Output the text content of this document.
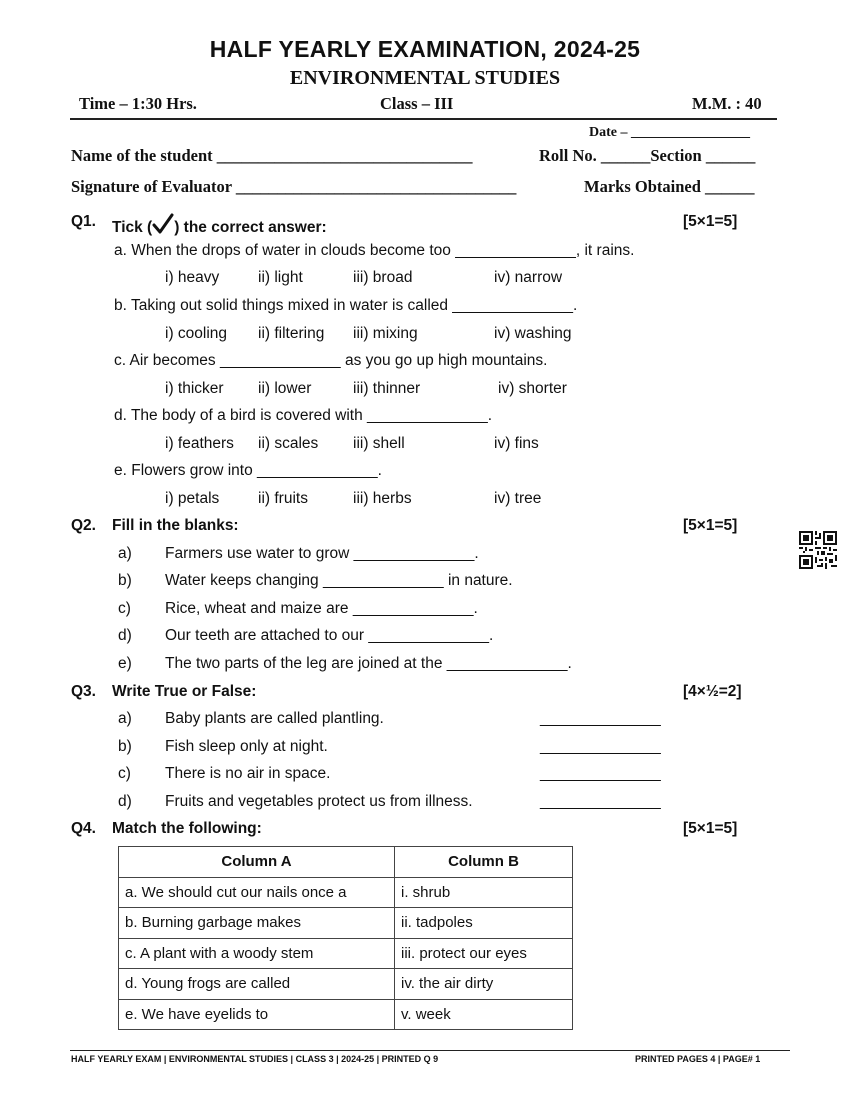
HALF YEARLY EXAMINATION, 2024-25
ENVIRONMENTAL STUDIES
Time – 1:30 Hrs.	Class – III	M.M. : 40
Date – _________________
Name of the student _______________________________	Roll No. ______Section ______
Signature of Evaluator __________________________________	Marks Obtained ______
Q1. Tick ( ) the correct answer:	[5×1=5]
a. When the drops of water in clouds become too ______________, it rains.
i) heavy ii) light	iii) broad	iv) narrow
b. Taking out solid things mixed in water is called ______________.
i) cooling ii) filtering iii) mixing	iv) washing
c. Air becomes ______________ as you go up high mountains.
i) thicker ii) lower	iii) thinner	iv) shorter
d. The body of a bird is covered with ______________.
i) feathers ii) scales iii) shell	iv) fins
e. Flowers grow into ______________.
i) petals ii) fruits	iii) herbs	iv) tree
Q2. Fill in the blanks:	[5×1=5]
a) Farmers use water to grow ______________.
b) Water keeps changing ______________ in nature.
c) Rice, wheat and maize are ______________.
d) Our teeth are attached to our ______________.
e) The two parts of the leg are joined at the ______________.
Q3. Write True or False:	[4×½=2]
a) Baby plants are called plantling.	______________
b) Fish sleep only at night.	______________
c) There is no air in space.	______________
d) Fruits and vegetables protect us from illness.	______________
Q4. Match the following:	[5×1=5]
Column A	Column B
a. We should cut our nails once a	i. shrub
b. Burning garbage makes	ii. tadpoles
c. A plant with a woody stem	iii. protect our eyes
d. Young frogs are called	iv. the air dirty
e. We have eyelids to	v. week
HALF YEARLY EXAM | ENVIRONMENTAL STUDIES | CLASS 3 | 2024-25 | PRINTED Q 9	PRINTED PAGES 4 | PAGE# 1
